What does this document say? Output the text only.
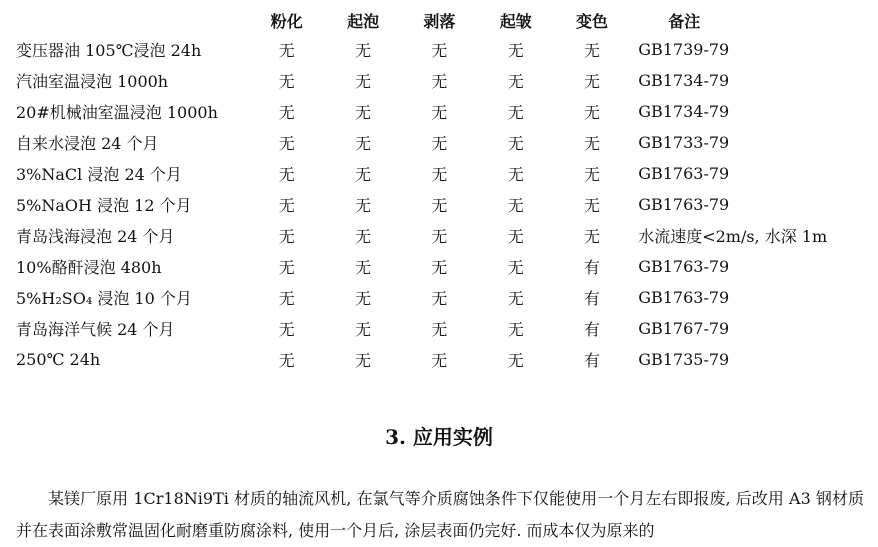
	粉化	起泡	剥落	起皱	变色	备注
变压器油 105℃浸泡 24h	无	无	无	无	无	GB1739-79
汽油室温浸泡 1000h	无	无	无	无	无	GB1734-79
20#机械油室温浸泡 1000h	无	无	无	无	无	GB1734-79
自来水浸泡 24 个月	无	无	无	无	无	GB1733-79
3%NaCl 浸泡 24 个月	无	无	无	无	无	GB1763-79
5%NaOH 浸泡 12 个月	无	无	无	无	无	GB1763-79
青岛浅海浸泡 24 个月	无	无	无	无	无	水流速度<2m/s, 水深 1m
10%酪酐浸泡 480h	无	无	无	无	有	GB1763-79
5%H₂SO₄ 浸泡 10 个月	无	无	无	无	有	GB1763-79
青岛海洋气候 24 个月	无	无	无	无	有	GB1767-79
250℃ 24h	无	无	无	无	有	GB1735-79
3. 应用实例

某镁厂原用 1Cr18Ni9Ti 材质的轴流风机, 在氯气等介质腐蚀条件下仅能使用一个月左右即报废, 后改用 A3 钢材质并在表面涂敷常温固化耐磨重防腐涂料, 使用一个月后, 涂层表面仍完好. 而成本仅为原来的
